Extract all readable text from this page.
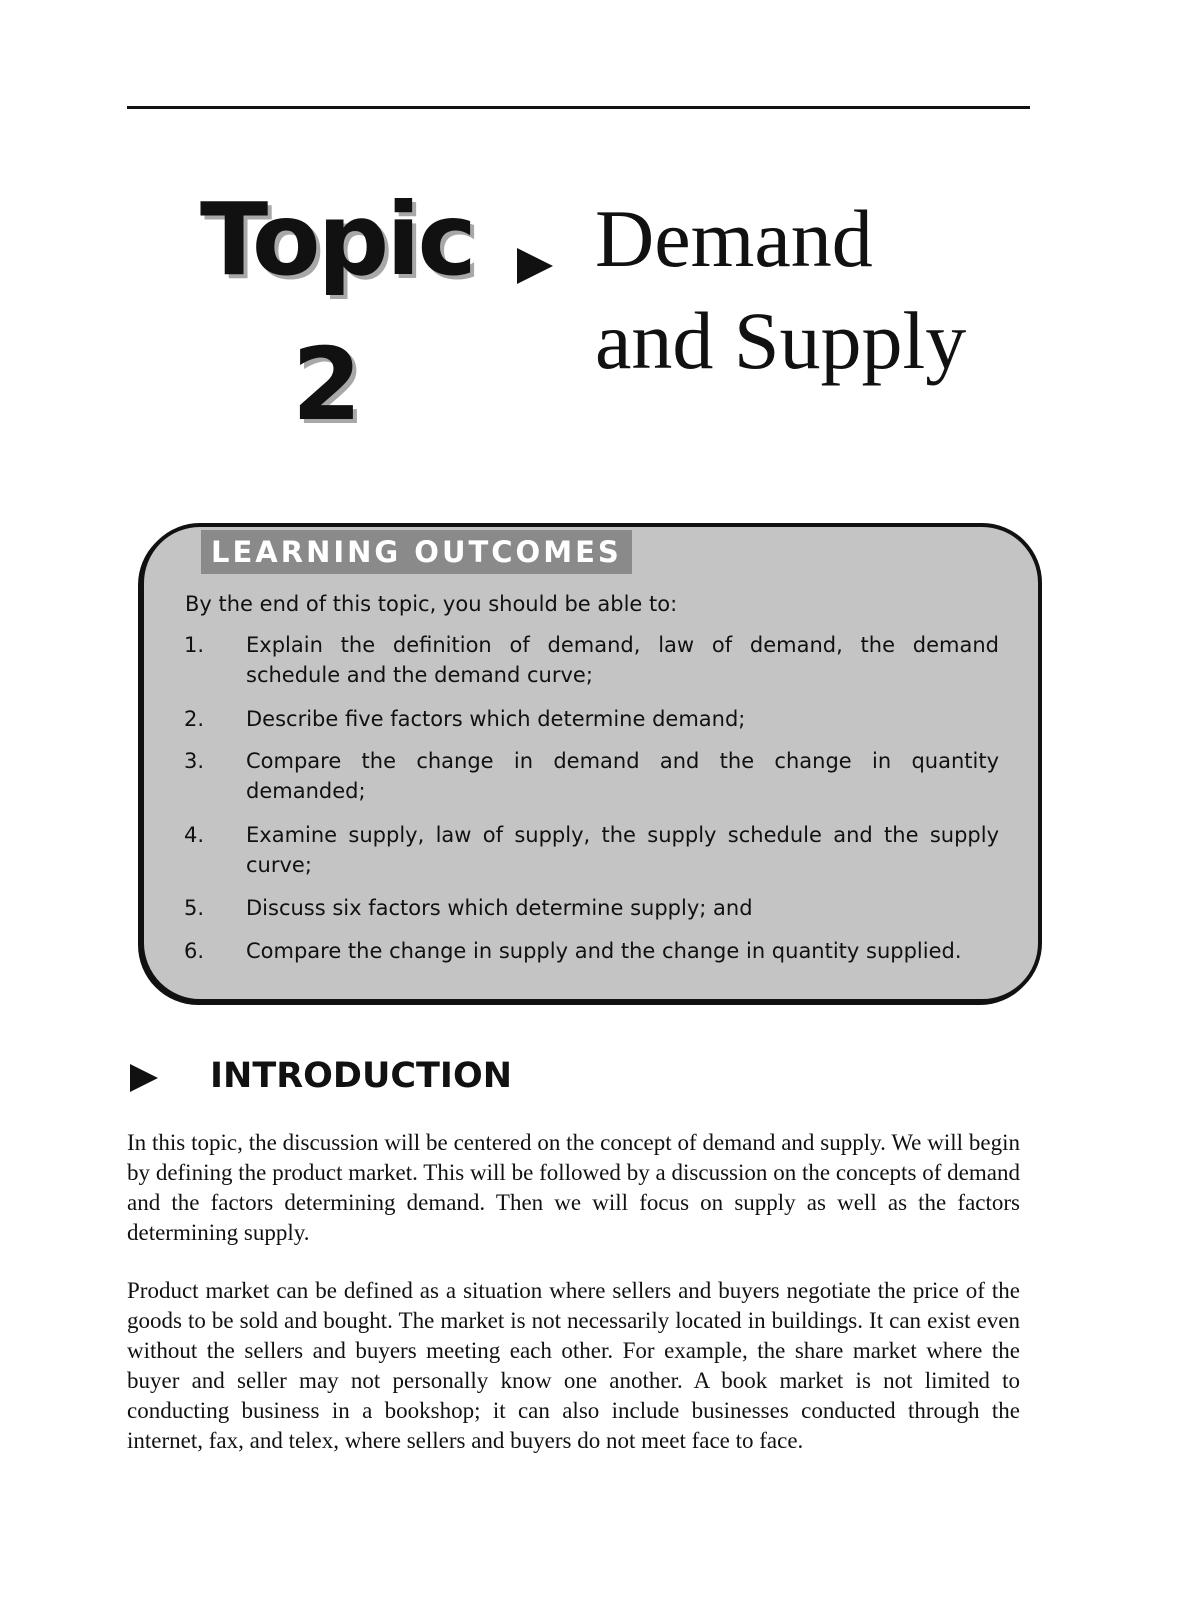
Topic
2
Demand
and Supply
LEARNING OUTCOMES

By the end of this topic, you should be able to:

1. Explain the definition of demand, law of demand, the demand schedule and the demand curve;
2. Describe five factors which determine demand;
3. Compare the change in demand and the change in quantity demanded;
4. Examine supply, law of supply, the supply schedule and the supply curve;
5. Discuss six factors which determine supply; and
6. Compare the change in supply and the change in quantity supplied.
INTRODUCTION

In this topic, the discussion will be centered on the concept of demand and supply. We will begin by defining the product market. This will be followed by a discussion on the concepts of demand and the factors determining demand. Then we will focus on supply as well as the factors determining supply.

Product market can be defined as a situation where sellers and buyers negotiate the price of the goods to be sold and bought. The market is not necessarily located in buildings. It can exist even without the sellers and buyers meeting each other. For example, the share market where the buyer and seller may not personally know one another. A book market is not limited to conducting business in a bookshop; it can also include businesses conducted through the internet, fax, and telex, where sellers and buyers do not meet face to face.
